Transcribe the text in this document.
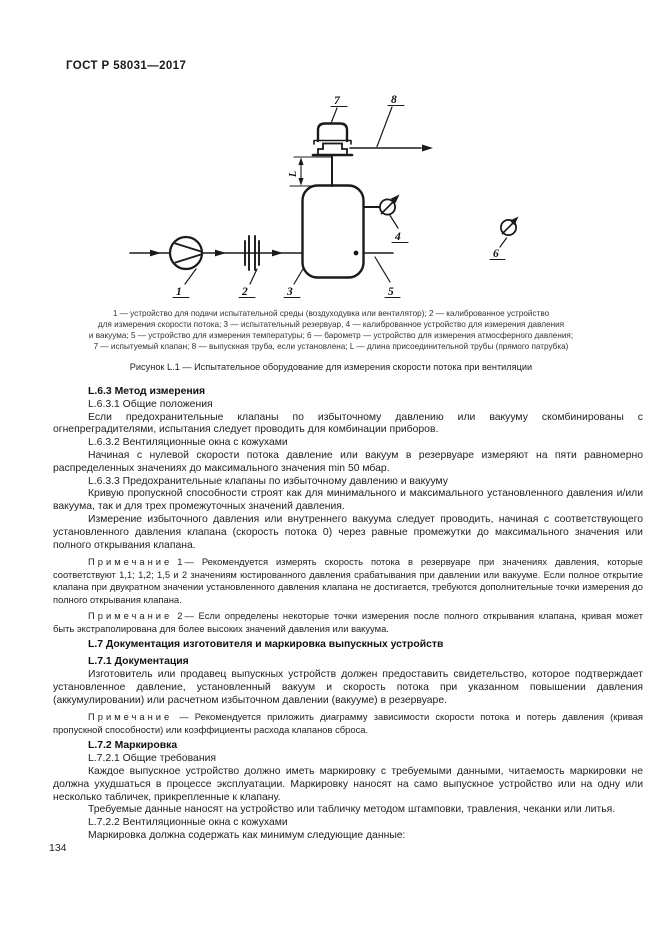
ГОСТ Р 58031—2017
1	2	3
4
5
6
7	8
L
1 — устройство для подачи испытательной среды (воздуходувка или вентилятор); 2 — калиброванное устройство
для измерения скорости потока; 3 — испытательный резервуар, 4 — калиброванное устройство для измерения давления
и вакуума; 5 — устройство для измерения температуры; 6 — барометр — устройство для измерения атмосферного давления;
7 — испытуемый клапан; 8 — выпускная труба, если установлена; L — длина присоединительной трубы (прямого патрубка)
Рисунок L.1 — Испытательное оборудование для измерения скорости потока при вентиляции
L.6.3 Метод измерения
L.6.3.1 Общие положения
Если предохранительные клапаны по избыточному давлению или вакууму скомбинированы с огнепреградителями, испытания следует проводить для комбинации приборов.
L.6.3.2 Вентиляционные окна с кожухами
Начиная с нулевой скорости потока давление или вакуум в резервуаре измеряют на пяти равномерно распределенных значениях до максимального значения min 50 мбар.
L.6.3.3 Предохранительные клапаны по избыточному давлению и вакууму
Кривую пропускной способности строят как для минимального и максимального установленного давления и/или вакуума, так и для трех промежуточных значений давления.
Измерение избыточного давления или внутреннего вакуума следует проводить, начиная с соответствующего установленного давления клапана (скорость потока 0) через равные промежутки до максимального значения или полного открывания клапана.
Примечание 1 — Рекомендуется измерять скорость потока в резервуаре при значениях давления, которые соответствуют 1,1; 1,2; 1,5 и 2 значениям юстированного давления срабатывания при давлении или вакууме. Если полное открытие клапана при двукратном значении установленного давления клапана не достигается, требуются дополнительные точки измерения до полного открывания клапана.
Примечание 2 — Если определены некоторые точки измерения после полного открывания клапана, кривая может быть экстраполирована для более высоких значений давления или вакуума.
L.7 Документация изготовителя и маркировка выпускных устройств
L.7.1 Документация
Изготовитель или продавец выпускных устройств должен предоставить свидетельство, которое подтверждает установленное давление, установленный вакуум и скорость потока при указанном повышении давления (аккумулировании) или расчетном избыточном давлении (вакууме) в резервуаре.
Примечание — Рекомендуется приложить диаграмму зависимости скорости потока и потерь давления (кривая пропускной способности) или коэффициенты расхода клапанов сброса.
L.7.2 Маркировка
L.7.2.1 Общие требования
Каждое выпускное устройство должно иметь маркировку с требуемыми данными, читаемость маркировки не должна ухудшаться в процессе эксплуатации. Маркировку наносят на само выпускное устройство или на одну или несколько табличек, прикрепленные к клапану.
Требуемые данные наносят на устройство или табличку методом штамповки, травления, чеканки или литья.
L.7.2.2 Вентиляционные окна с кожухами
Маркировка должна содержать как минимум следующие данные:
134
